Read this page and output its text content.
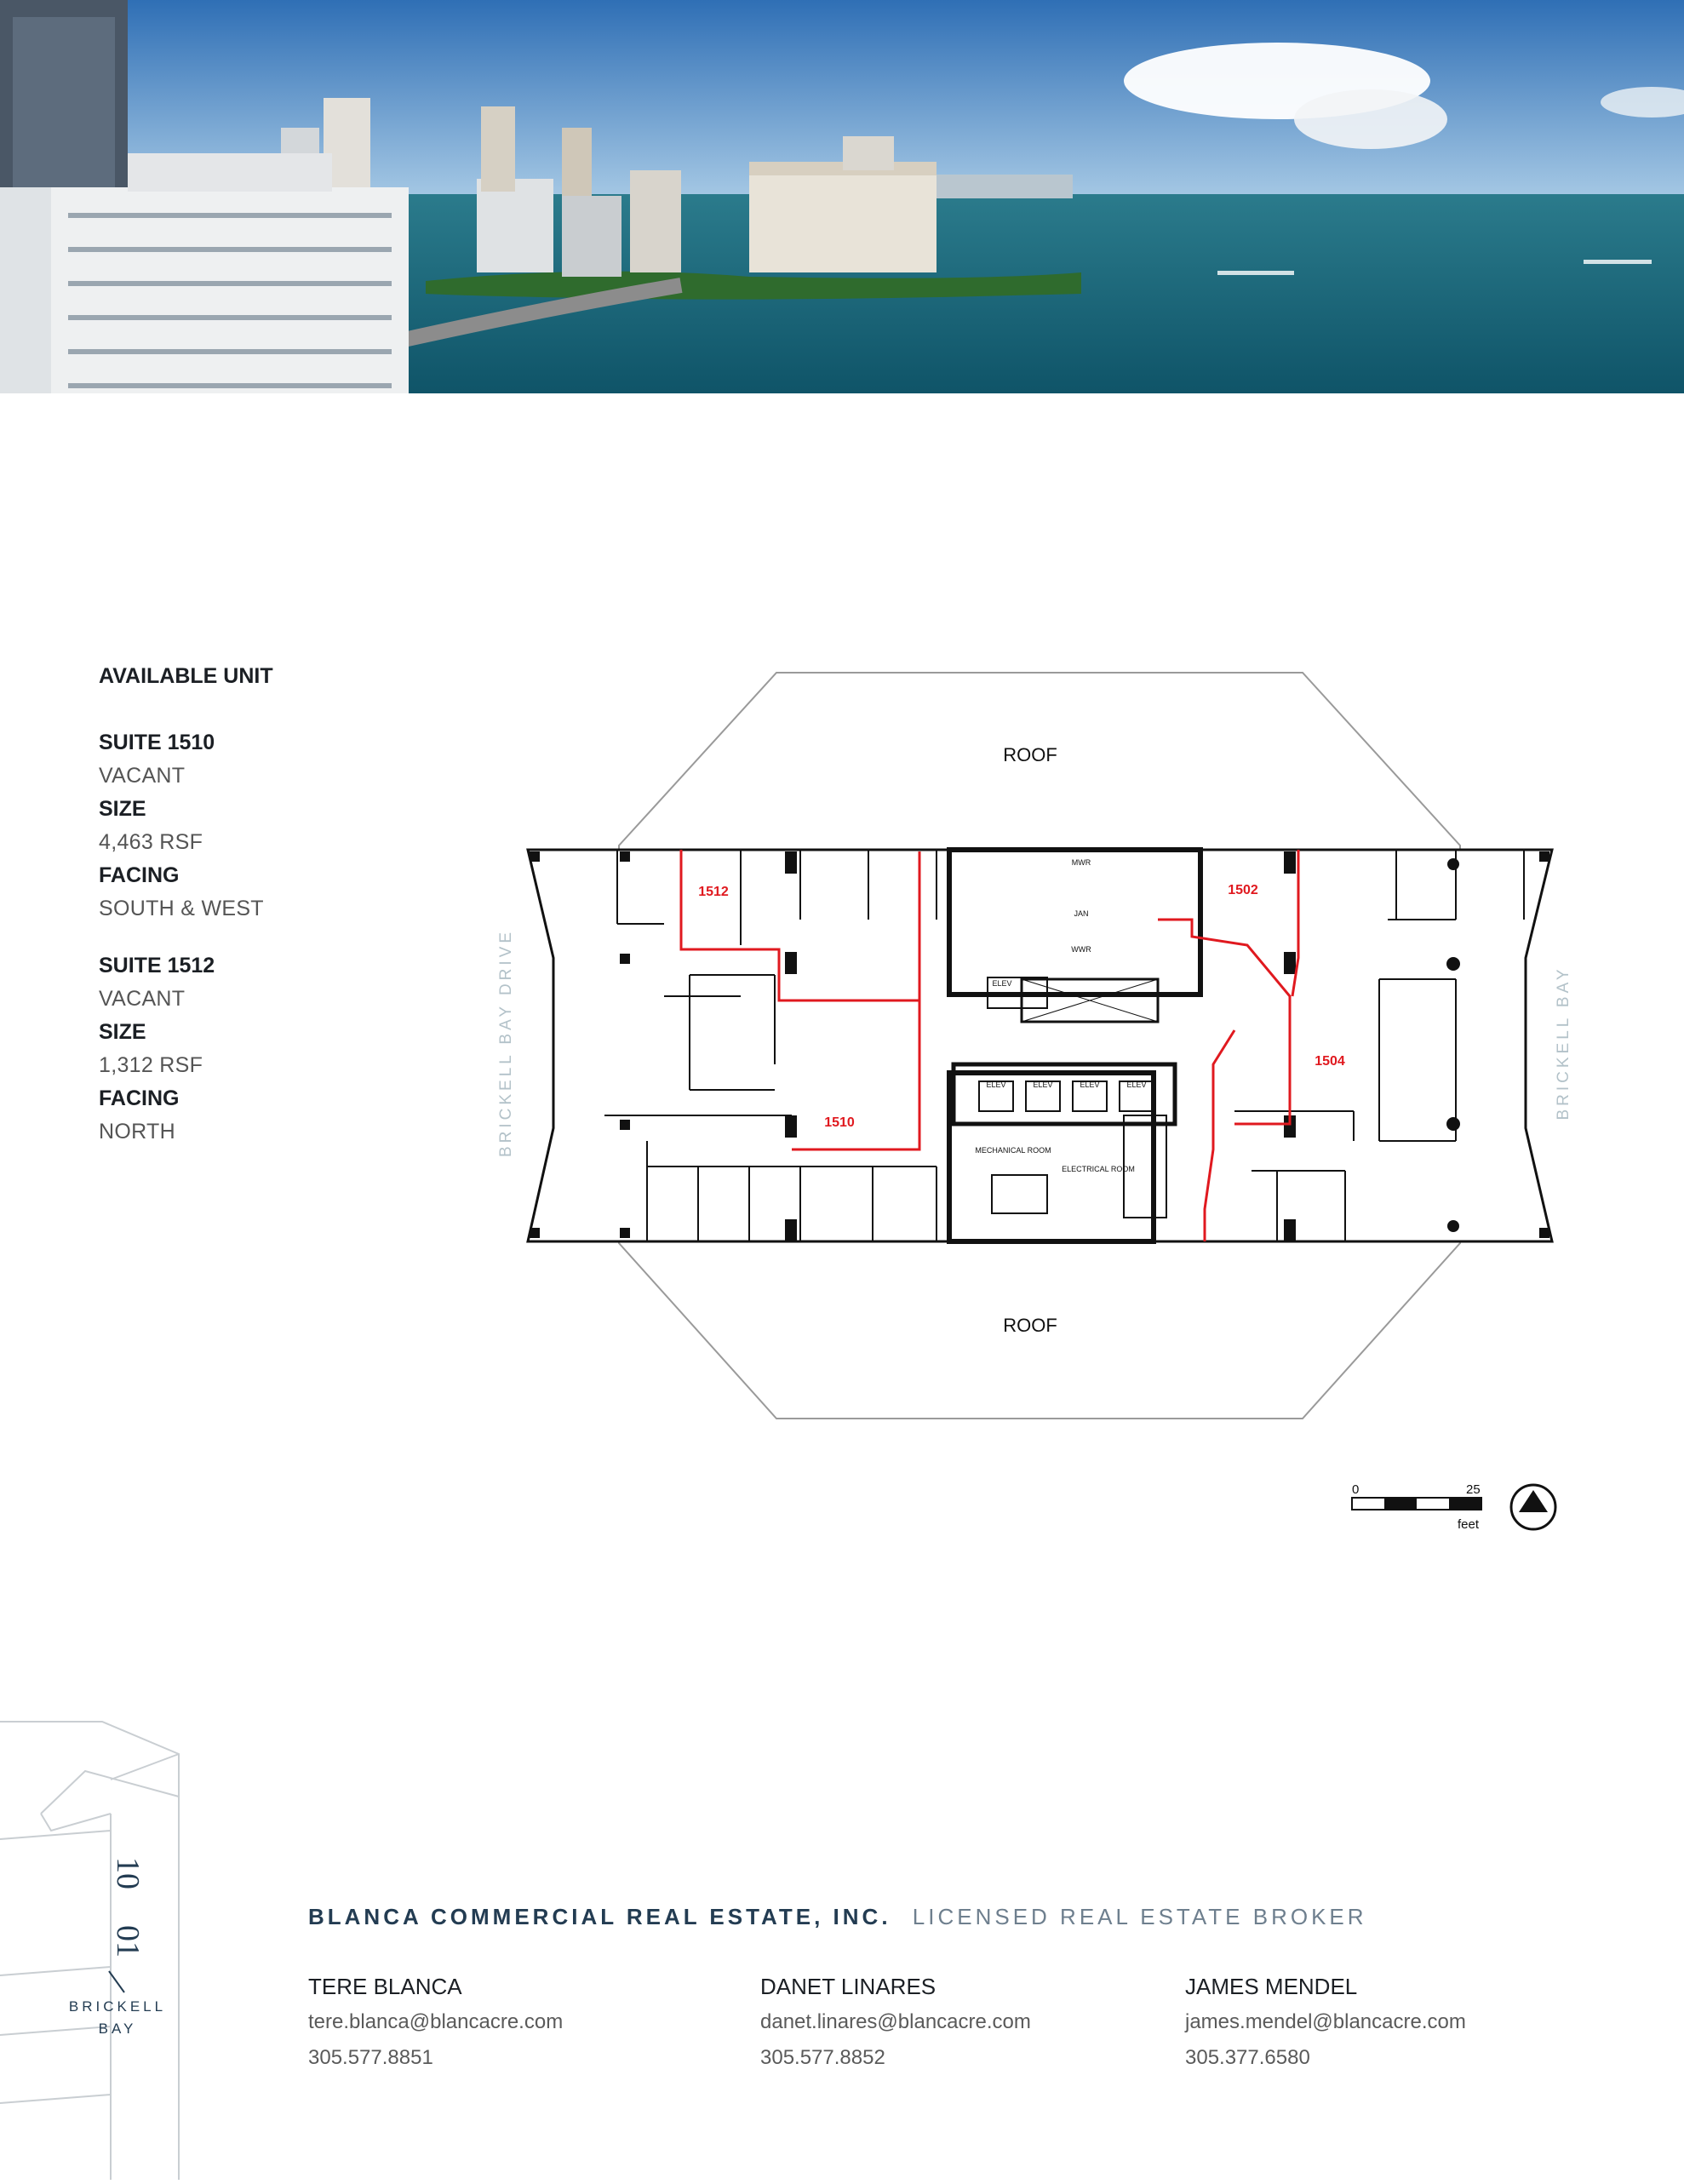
AVAILABLE UNIT
SUITE 1510
VACANT
SIZE
4,463 RSF
FACING
SOUTH & WEST
SUITE 1512
VACANT
SIZE
1,312 RSF
FACING
NORTH
ROOF
ROOF
MWR
WWR
JAN
ELEV
ELEV	ELEV	ELEV	ELEV
MECHANICAL ROOM
ELECTRICAL ROOM
1512	1502
1504
1510
BRICKELL BAY DRIVE	BRICKELL BAY
0	25
feet
10
01
BRICKELL
BAY
BLANCA COMMERCIAL REAL ESTATE, INC. LICENSED REAL ESTATE BROKER
TERE BLANCA
tere.blanca@blancacre.com
305.577.8851
DANET LINARES
danet.linares@blancacre.com
305.577.8852
JAMES MENDEL
james.mendel@blancacre.com
305.377.6580
